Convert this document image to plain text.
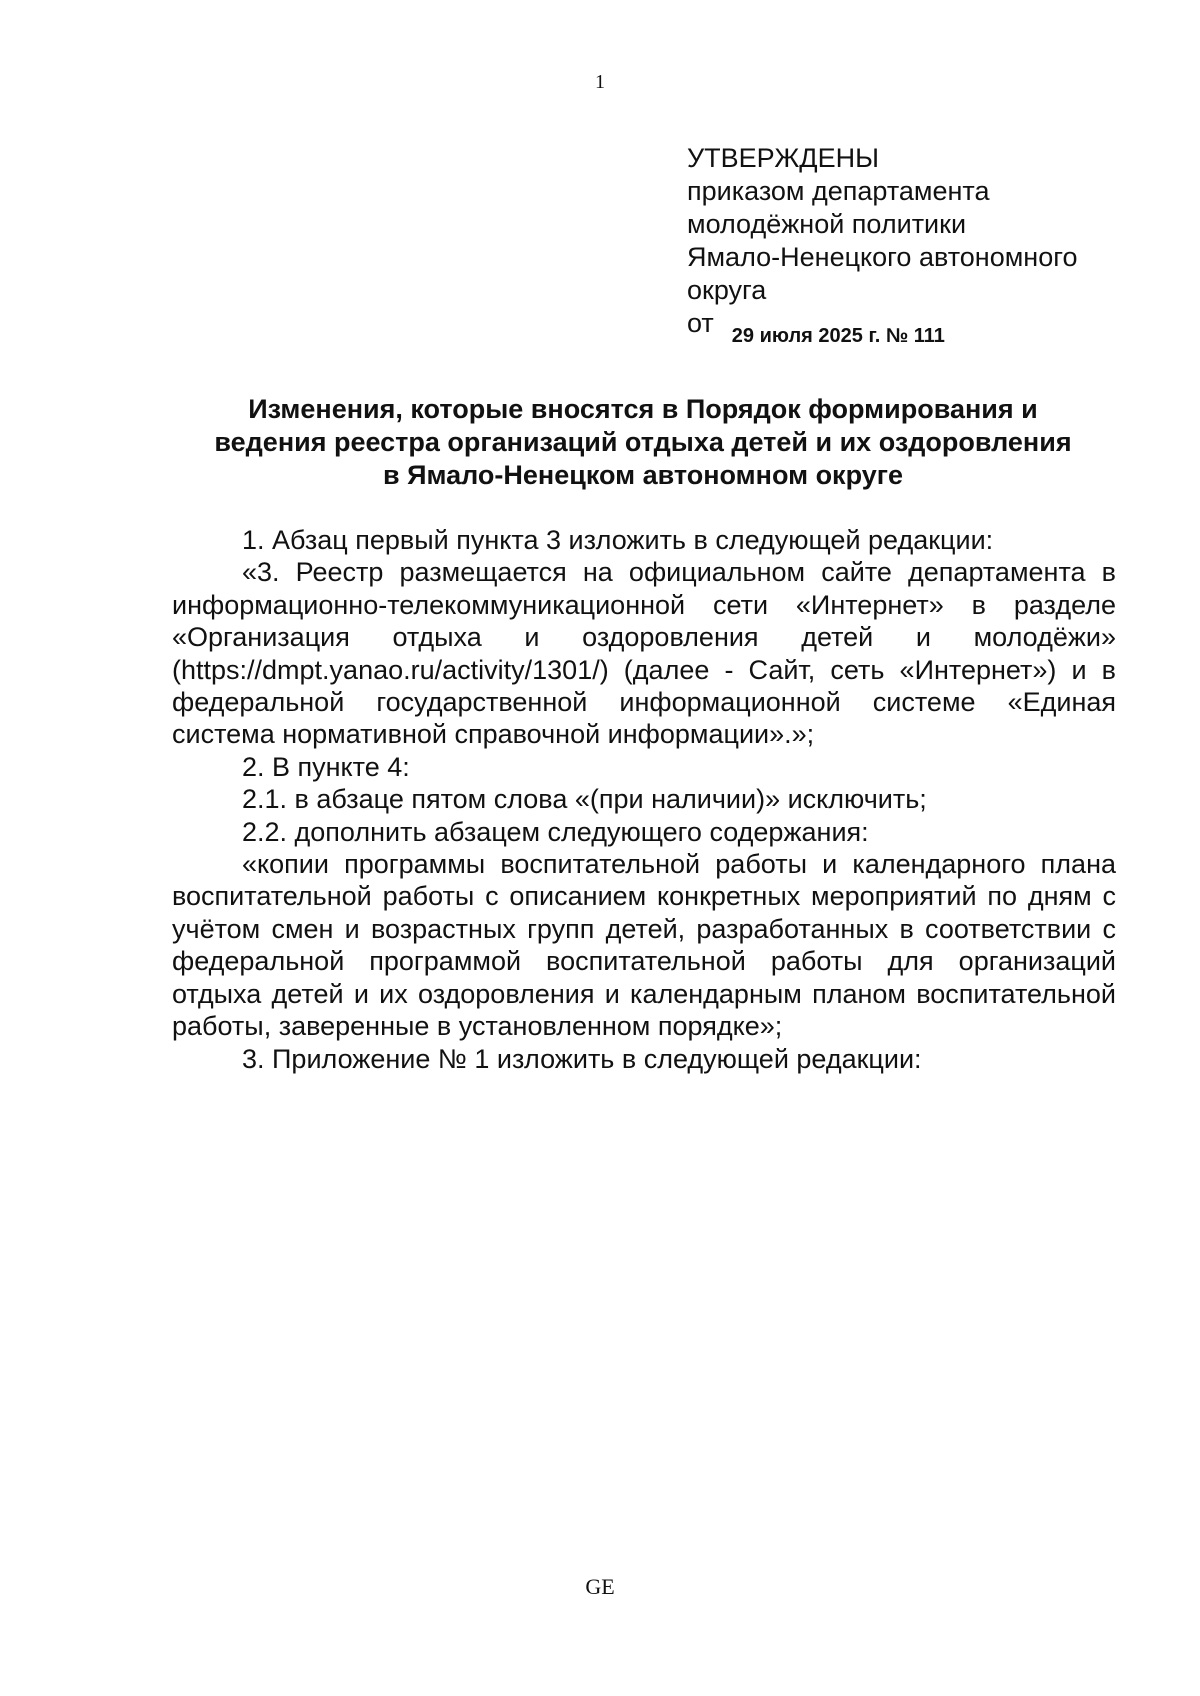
1
УТВЕРЖДЕНЫ
приказом департамента
молодёжной политики
Ямало-Ненецкого автономного
округа
от $_{29 июля 2025 г. № 111}$
Изменения, которые вносятся в Порядок формирования и
ведения реестра организаций отдыха детей и их оздоровления
в Ямало-Ненецком автономном округе

1. Абзац первый пункта 3 изложить в следующей редакции:

«3. Реестр размещается на официальном сайте департамента в информационно-телекоммуникационной сети «Интернет» в разделе «Организация отдыха и оздоровления детей и молодёжи» (https://dmpt.yanao.ru/activity/1301/) (далее - Сайт, сеть «Интернет») и в федеральной государственной информационной системе «Единая система нормативной справочной информации».»;

2. В пункте 4:

2.1. в абзаце пятом слова «(при наличии)» исключить;

2.2. дополнить абзацем следующего содержания:

«копии программы воспитательной работы и календарного плана воспитательной работы с описанием конкретных мероприятий по дням с учётом смен и возрастных групп детей, разработанных в соответствии с федеральной программой воспитательной работы для организаций отдыха детей и их оздоровления и календарным планом воспитательной работы, заверенные в установленном порядке»;

3. Приложение № 1 изложить в следующей редакции:

GE
